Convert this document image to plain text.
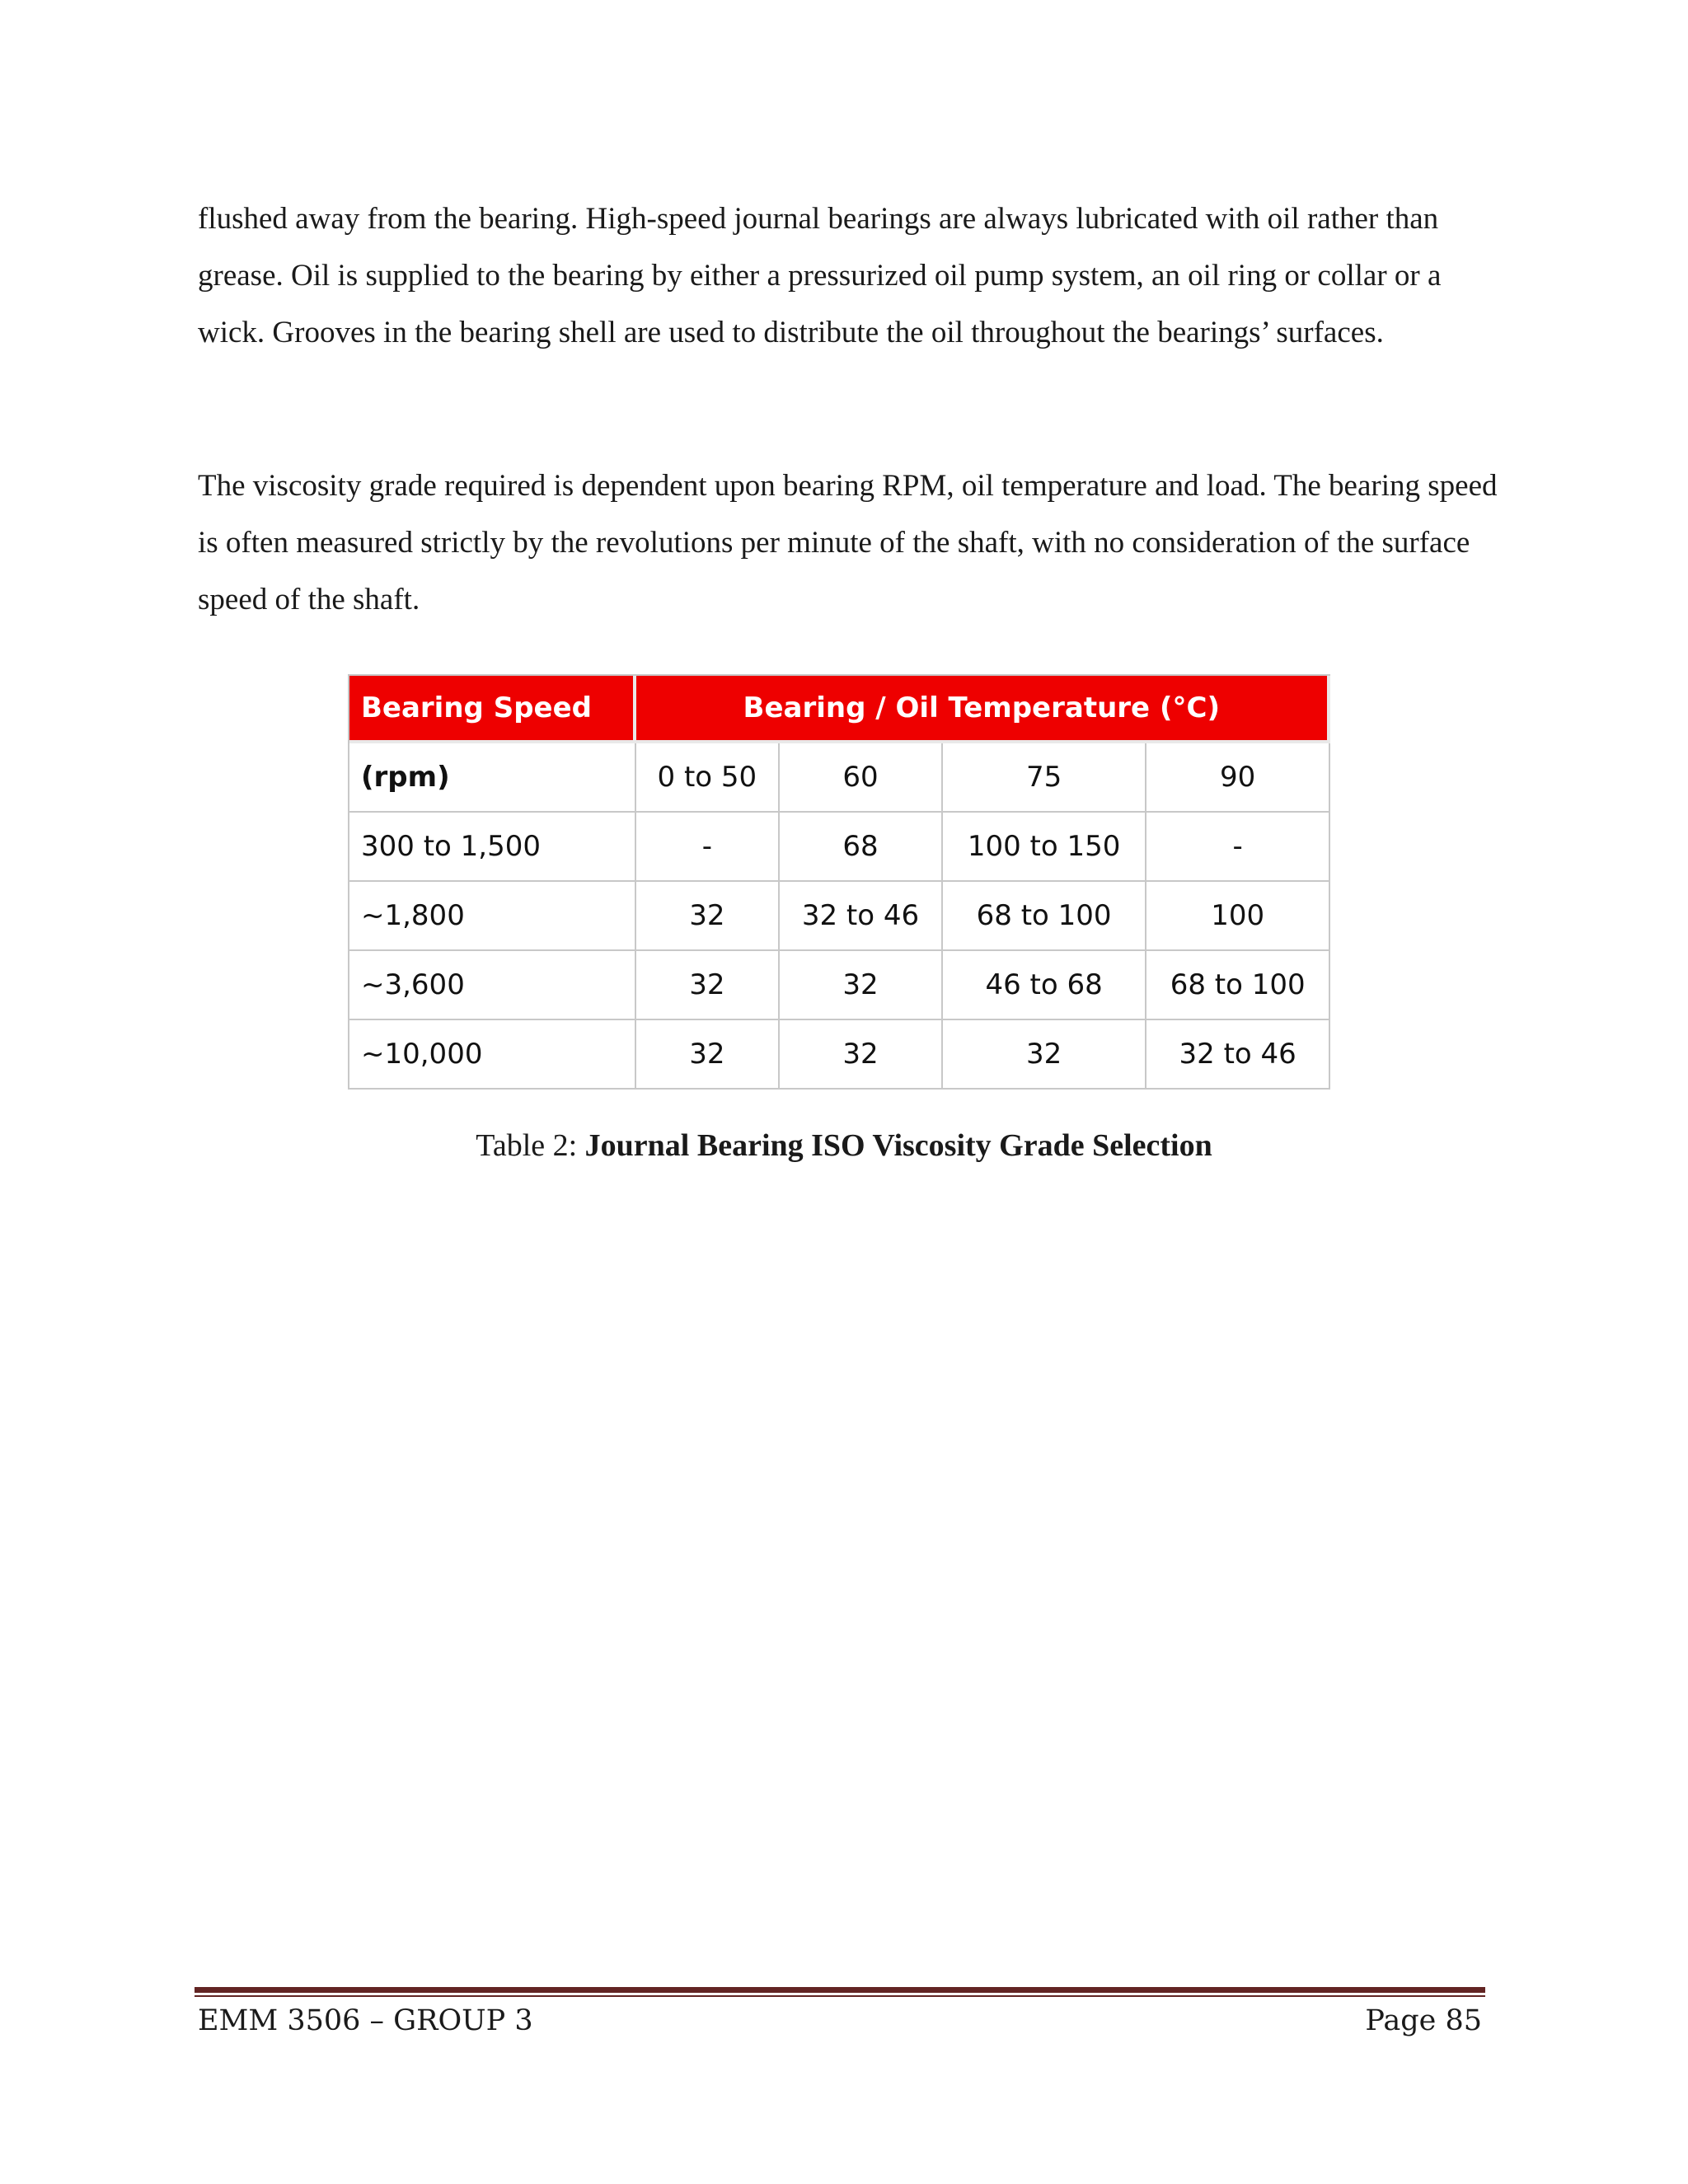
flushed away from the bearing. High-speed journal bearings are always lubricated with oil rather than grease. Oil is supplied to the bearing by either a pressurized oil pump system, an oil ring or collar or a wick. Grooves in the bearing shell are used to distribute the oil throughout the bearings’ surfaces.

The viscosity grade required is dependent upon bearing RPM, oil temperature and load. The bearing speed is often measured strictly by the revolutions per minute of the shaft, with no consideration of the surface speed of the shaft.

Bearing Speed	Bearing / Oil Temperature (°C)			
(rpm)	0 to 50	60	75	90
300 to 1,500	-	68	100 to 150	-
~1,800	32	32 to 46	68 to 100	100
~3,600	32	32	46 to 68	68 to 100
~10,000	32	32	32	32 to 46
Table 2: Journal Bearing ISO Viscosity Grade Selection
EMM 3506 – GROUP 3	Page 85
